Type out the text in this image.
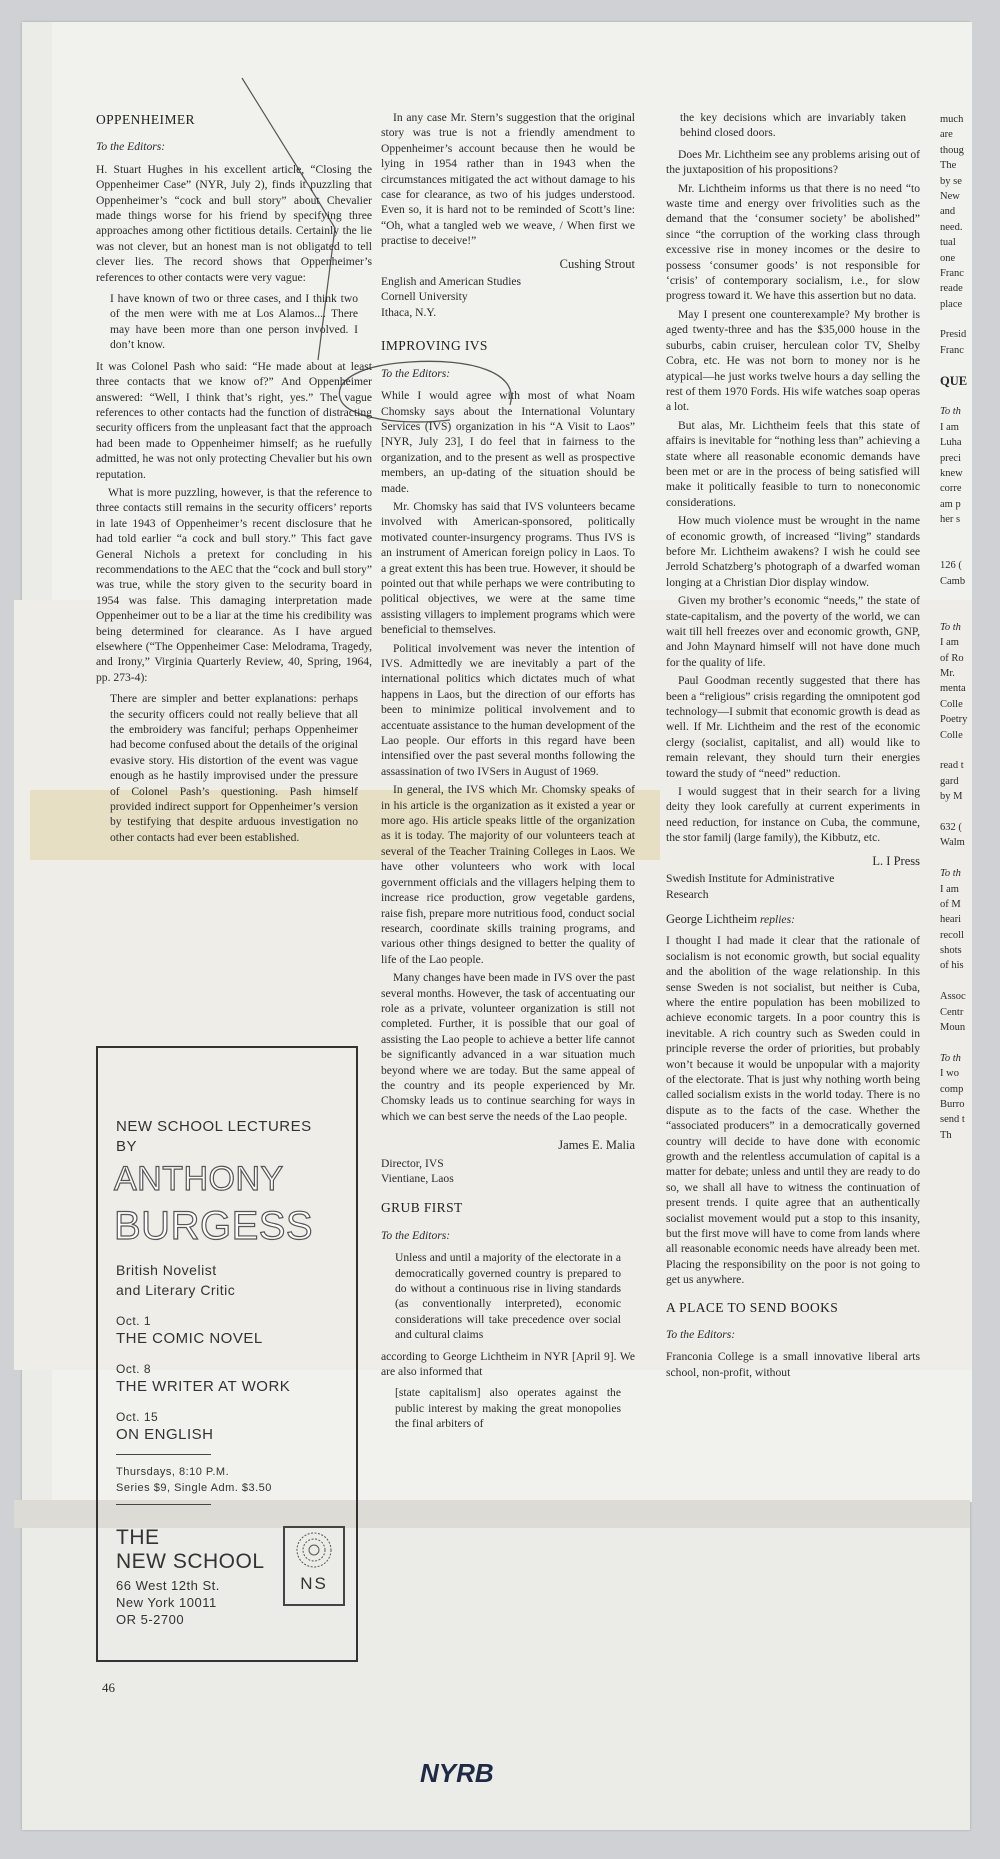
OPPENHEIMER
To the Editors:

H. Stuart Hughes in his excellent article, “Closing the Oppenheimer Case” (NYR, July 2), finds it puzzling that Oppenheimer’s “cock and bull story” about Chevalier made things worse for his friend by specifying three approaches among other fictitious details. Certainly the lie was not clever, but an honest man is not obligated to tell clever lies. The record shows that Oppenheimer’s references to other contacts were very vague:

I have known of two or three cases, and I think two of the men were with me at Los Alamos.... There may have been more than one person involved. I don’t know.

It was Colonel Pash who said: “He made about at least three contacts that we know of?” And Oppenheimer answered: “Well, I think that’s right, yes.” The vague references to other contacts had the function of distracting security officers from the unpleasant fact that the approach had been made to Oppenheimer himself; as he ruefully admitted, he was not only protecting Chevalier but his own reputation.

What is more puzzling, however, is that the reference to three contacts still remains in the security officers’ reports in late 1943 of Oppenheimer’s recent disclosure that he had told earlier “a cock and bull story.” This fact gave General Nichols a pretext for concluding in his recommendations to the AEC that the “cock and bull story” was true, while the story given to the security board in 1954 was false. This damaging interpretation made Oppenheimer out to be a liar at the time his credibility was being determined for clearance. As I have argued elsewhere (“The Oppenheimer Case: Melodrama, Tragedy, and Irony,” Virginia Quarterly Review, 40, Spring, 1964, pp. 273-4):

There are simpler and better explanations: perhaps the security officers could not really believe that all the embroidery was fanciful; perhaps Oppenheimer had become confused about the details of the original evasive story. His distortion of the event was vague enough as he hastily improvised under the pressure of Colonel Pash’s questioning. Pash himself provided indirect support for Oppenheimer’s version by testifying that despite arduous investigation no other contacts had ever been established.

NEW SCHOOL LECTURES
BY
ANTHONY
BURGESS
British Novelist
and Literary Critic
Oct. 1
THE COMIC NOVEL
Oct. 8
THE WRITER AT WORK
Oct. 15
ON ENGLISH
Thursdays, 8:10 P.M.
Series $9, Single Adm. $3.50
THE
NEW SCHOOL
66 West 12th St.
New York 10011
OR 5-2700
NS
46

In any case Mr. Stern’s suggestion that the original story was true is not a friendly amendment to Oppenheimer’s account because then he would be lying in 1954 rather than in 1943 when the circumstances mitigated the act without damage to his case for clearance, as two of his judges understood. Even so, it is hard not to be reminded of Scott’s line: “Oh, what a tangled web we weave, / When first we practise to deceive!”

Cushing Strout
English and American Studies
Cornell University
Ithaca, N.Y.
IMPROVING IVS
To the Editors:

While I would agree with most of what Noam Chomsky says about the International Voluntary Services (IVS) organization in his “A Visit to Laos” [NYR, July 23], I do feel that in fairness to the organization, and to the present as well as prospective members, an up-dating of the situation should be made.

Mr. Chomsky has said that IVS volunteers became involved with American-sponsored, politically motivated counter-insurgency programs. Thus IVS is an instrument of American foreign policy in Laos. To a great extent this has been true. However, it should be pointed out that while perhaps we were contributing to political objectives, we were at the same time assisting villagers to implement programs which were beneficial to themselves.

Political involvement was never the intention of IVS. Admittedly we are inevitably a part of the international politics which dictates much of what happens in Laos, but the direction of our efforts has been to minimize political involvement and to accentuate assistance to the human development of the Lao people. Our efforts in this regard have been intensified over the past several months following the assassination of two IVSers in August of 1969.

In general, the IVS which Mr. Chomsky speaks of in his article is the organization as it existed a year or more ago. His article speaks little of the organization as it is today. The majority of our volunteers teach at several of the Teacher Training Colleges in Laos. We have other volunteers who work with local government officials and the villagers helping them to increase rice production, grow vegetable gardens, raise fish, prepare more nutritious food, conduct social research, coordinate skills training programs, and various other things designed to better the quality of life of the Lao people.

Many changes have been made in IVS over the past several months. However, the task of accentuating our role as a private, volunteer organization is still not completed. Further, it is possible that our goal of assisting the Lao people to achieve a better life cannot be significantly advanced in a war situation much beyond where we are today. But the same appeal of the country and its people experienced by Mr. Chomsky leads us to continue searching for ways in which we can best serve the needs of the Lao people.

James E. Malia
Director, IVS
Vientiane, Laos
GRUB FIRST
To the Editors:

Unless and until a majority of the electorate in a democratically governed country is prepared to do without a continuous rise in living standards (as conventionally interpreted), economic considerations will take precedence over social and cultural claims

according to George Lichtheim in NYR [April 9]. We are also informed that

[state capitalism] also operates against the public interest by making the great monopolies the final arbiters of

the key decisions which are invariably taken behind closed doors.

Does Mr. Lichtheim see any problems arising out of the juxtaposition of his propositions?

Mr. Lichtheim informs us that there is no need “to waste time and energy over frivolities such as the demand that the ‘consumer society’ be abolished” since “the corruption of the working class through excessive rise in money incomes or the desire to possess ‘consumer goods’ is not responsible for ‘crisis’ of contemporary socialism, i.e., for slow progress toward it. We have this assertion but no data.

May I present one counterexample? My brother is aged twenty-three and has the $35,000 house in the suburbs, cabin cruiser, herculean color TV, Shelby Cobra, etc. He was not born to money nor is he atypical—he just works twelve hours a day selling the rest of them 1970 Fords. His wife watches soap operas a lot.

But alas, Mr. Lichtheim feels that this state of affairs is inevitable for “nothing less than” achieving a state where all reasonable economic demands have been met or are in the process of being satisfied will make it politically feasible to turn to noneconomic considerations.

How much violence must be wrought in the name of economic growth, of increased “living” standards before Mr. Lichtheim awakens? I wish he could see Jerrold Schatzberg’s photograph of a dwarfed woman longing at a Christian Dior display window.

Given my brother’s economic “needs,” the state of state-capitalism, and the poverty of the world, we can wait till hell freezes over and economic growth, GNP, and John Maynard himself will not have done much for the quality of life.

Paul Goodman recently suggested that there has been a “religious” crisis regarding the omnipotent god technology—I submit that economic growth is dead as well. If Mr. Lichtheim and the rest of the economic clergy (socialist, capitalist, and all) would like to remain relevant, they should turn their energies toward the study of “need” reduction.

I would suggest that in their search for a living deity they look carefully at current experiments in need reduction, for instance on Cuba, the commune, the stor familj (large family), the Kibbutz, etc.

L. I Press
Swedish Institute for Administrative
Research
George Lichtheim replies:

I thought I had made it clear that the rationale of socialism is not economic growth, but social equality and the abolition of the wage relationship. In this sense Sweden is not socialist, but neither is Cuba, where the entire population has been mobilized to achieve economic targets. In a poor country this is inevitable. A rich country such as Sweden could in principle reverse the order of priorities, but probably won’t because it would be unpopular with a majority of the electorate. That is just why nothing worth being called socialism exists in the world today. There is no dispute as to the facts of the case. Whether the “associated producers” in a democratically governed country will decide to have done with economic growth and the relentless accumulation of capital is a matter for debate; unless and until they are ready to do so, we shall all have to witness the continuation of present trends. I quite agree that an authentically socialist movement would put a stop to this insanity, but the first move will have to come from lands where all reasonable economic needs have already been met. Placing the responsibility on the poor is not going to get us anywhere.

A PLACE TO SEND BOOKS
To the Editors:

Franconia College is a small innovative liberal arts school, non-profit, without

much
are
thoug
The
by se
New
and
need.
tual
one
Franc
reade
place
Presid
Franc
QUE
To th
I am
Luha
preci
knew
corre
am p
her s
126 (
Camb
To th
I am
of Ro
Mr.
menta
Colle
Poetry
Colle
read t
gard
by M
632 (
Walm
To th
I am
of M
heari
recoll
shots
of his
Assoc
Centr
Moun
To th
I wo
comp
Burro
send t
Th
NYRB
